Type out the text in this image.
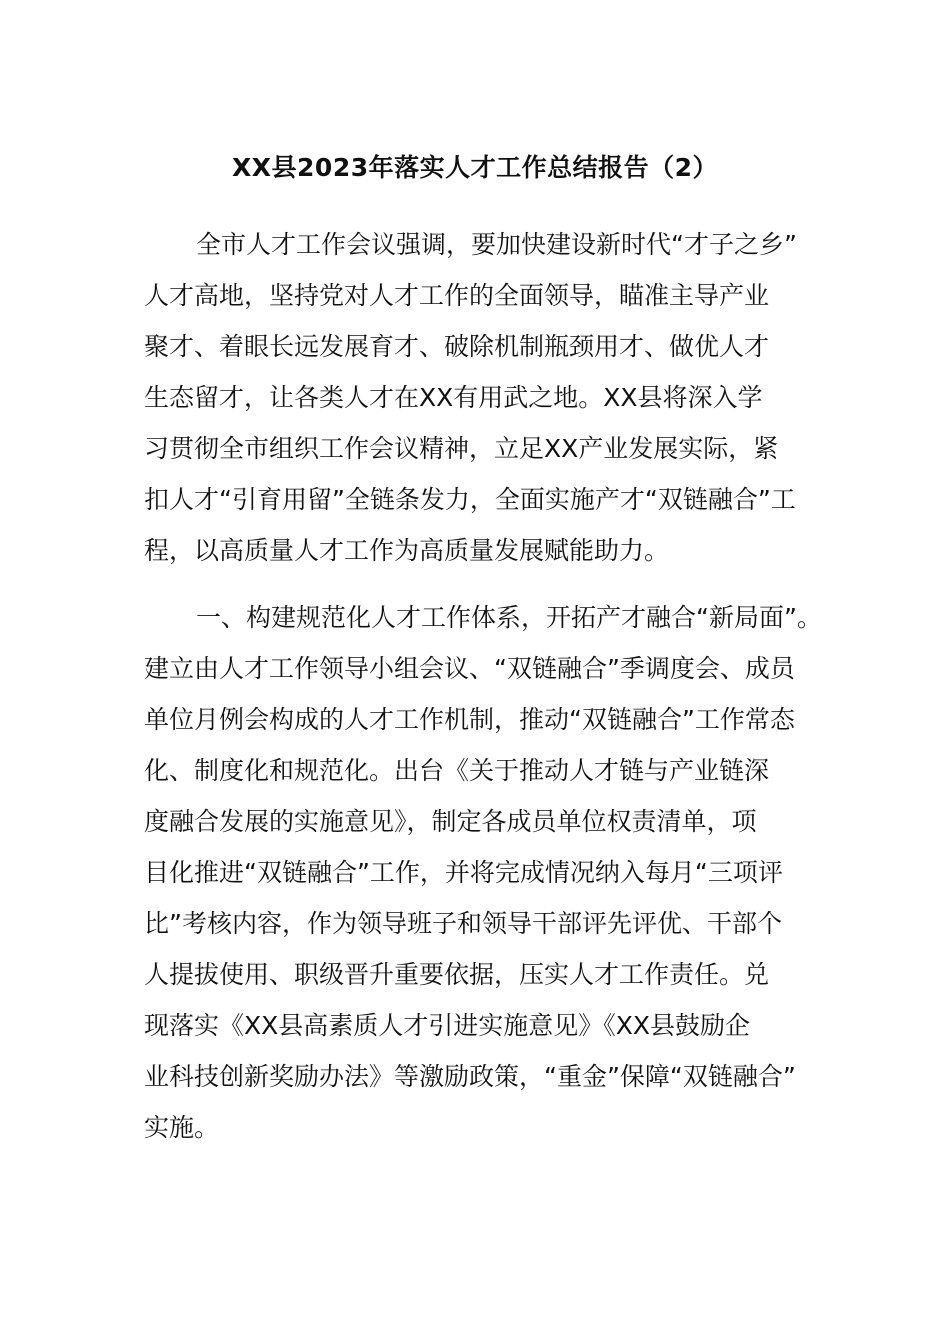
XX县2023年落实人才工作总结报告（2）
全市人才工作会议强调，要加快建设新时代“才子之乡”
人才高地，坚持党对人才工作的全面领导，瞄准主导产业
聚才、着眼长远发展育才、破除机制瓶颈用才、做优人才
生态留才，让各类人才在XX有用武之地。XX县将深入学
习贯彻全市组织工作会议精神，立足XX产业发展实际，紧
扣人才“引育用留”全链条发力，全面实施产才“双链融合”工
程，以高质量人才工作为高质量发展赋能助力。
一、构建规范化人才工作体系，开拓产才融合“新局面”。
建立由人才工作领导小组会议、“双链融合”季调度会、成员
单位月例会构成的人才工作机制，推动“双链融合”工作常态
化、制度化和规范化。出台《关于推动人才链与产业链深
度融合发展的实施意见》，制定各成员单位权责清单，项
目化推进“双链融合”工作，并将完成情况纳入每月“三项评
比”考核内容，作为领导班子和领导干部评先评优、干部个
人提拔使用、职级晋升重要依据，压实人才工作责任。兑
现落实《XX县高素质人才引进实施意见》《XX县鼓励企
业科技创新奖励办法》等激励政策，“重金”保障“双链融合”
实施。
